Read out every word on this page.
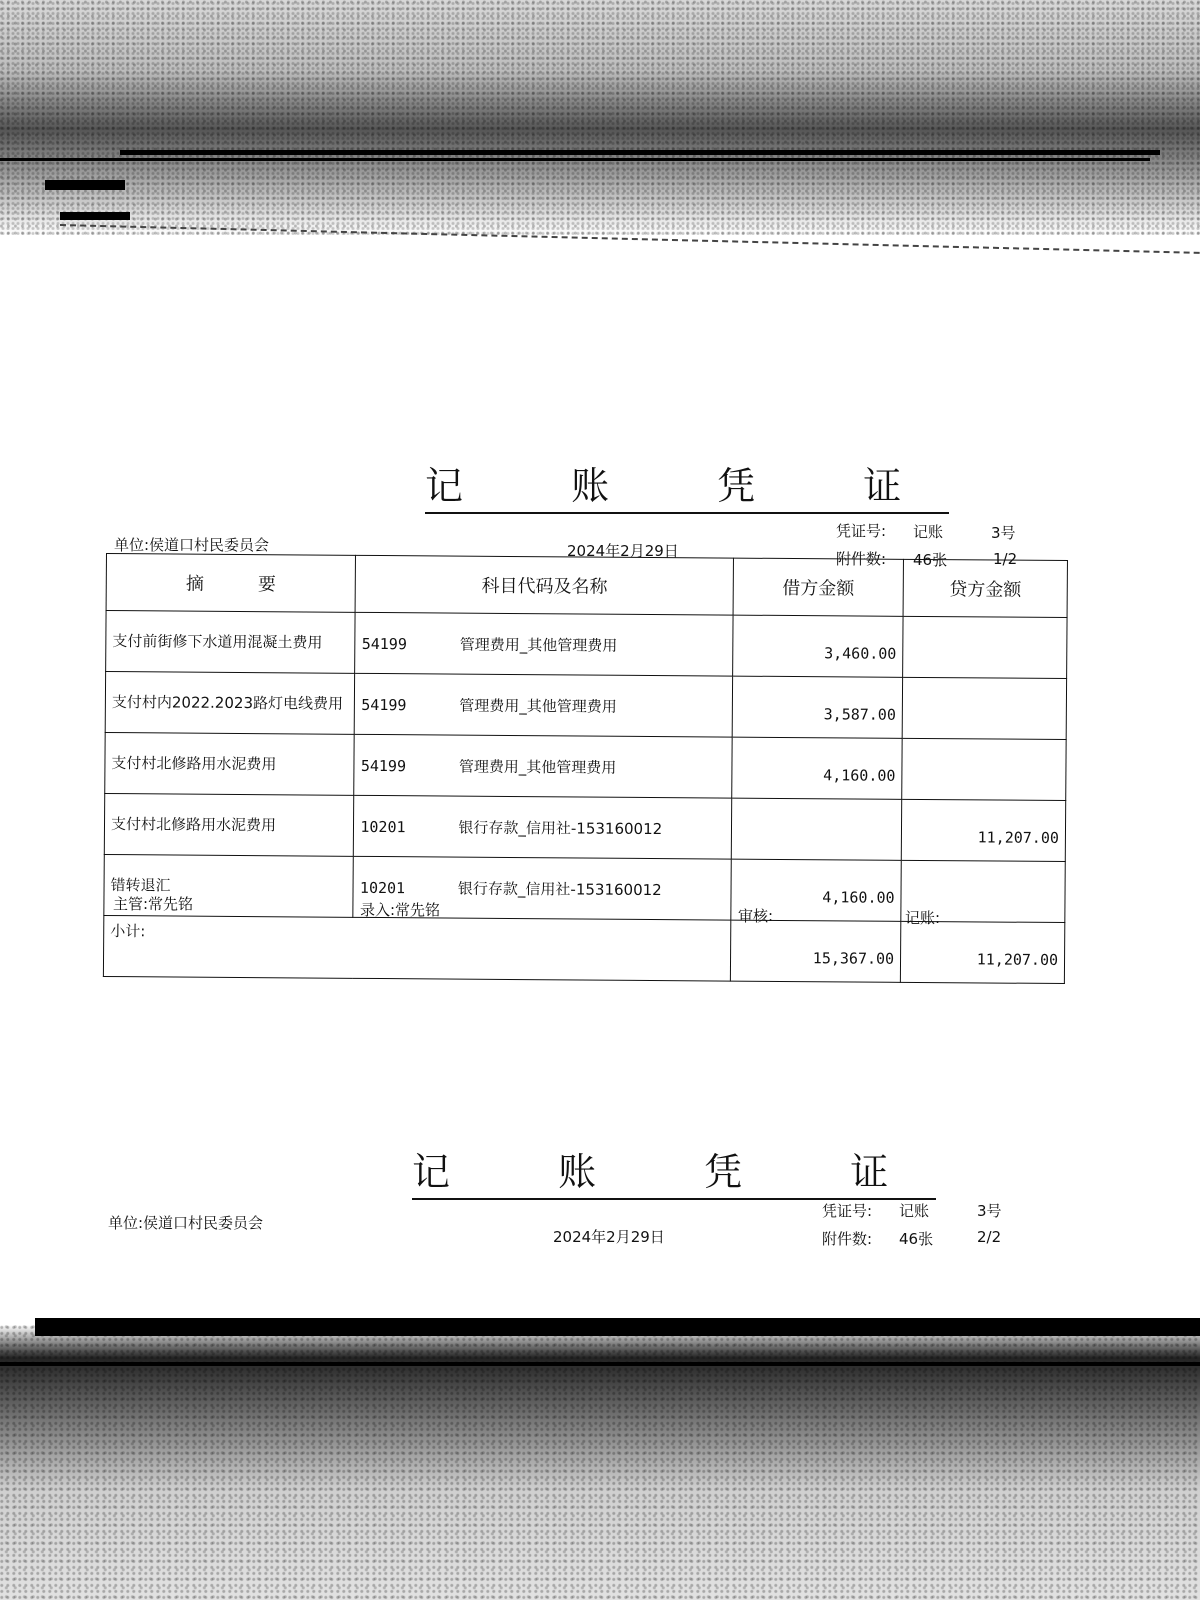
记 账 凭 证
单位:侯道口村民委员会	2024年2月29日
凭证号: 记账	3号
附件数: 46张	1/2
摘　　　要	科目代码及名称	借方金额	贷方金额
支付前街修下水道用混凝土费用	54199 管理费用_其他管理费用	3,460.00	
支付村内2022.2023路灯电线费用	54199 管理费用_其他管理费用	3,587.00	
支付村北修路用水泥费用	54199 管理费用_其他管理费用	4,160.00	
支付村北修路用水泥费用	10201 银行存款_信用社-153160012		11,207.00
错转退汇	10201 银行存款_信用社-153160012	4,160.00	
小计:		15,367.00	11,207.00
主管:常先铭	录入:常先铭	审核:	记账:
记 账 凭 证
单位:侯道口村民委员会
2024年2月29日
凭证号: 记账	3号
附件数: 46张	2/2
